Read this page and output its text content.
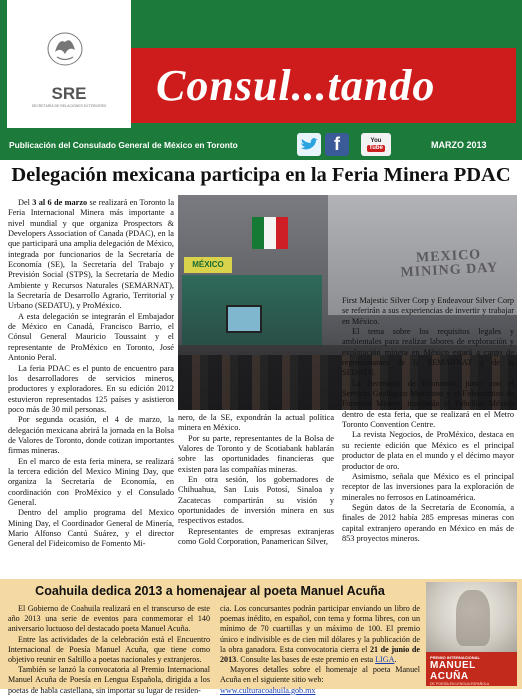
SRE
SECRETARÍA DE RELACIONES EXTERIORES Consul...tando
Publicación del Consulado General de México en Toronto	f	You
Tube	MARZO 2013
Delegación mexicana participa en la Feria Minera PDAC

Del 3 al 6 de marzo se realizará en Toronto la Feria Internacional Minera más importante a nivel mundial y que organiza Prospectors & Developers Association of Canada (PDAC), en la que participará una amplia delegación de México, integrada por funcionarios de la Secretaría de Economía (SE), la Secretaría del Trabajo y Previsión Social (STPS), la Secretaría de Medio Ambiente y Recursos Naturales (SEMARNAT), la Secretaría de Desarrollo Agrario, Territorial y Urbano (SEDATU), y ProMéxico.

A esta delegación se integrarán el Embajador de México en Canadá, Francisco Barrio, el Cónsul General Mauricio Toussaint y el representante de ProMéxico en Toronto, José Antonio Peral.

La feria PDAC es el punto de encuentro para los desarrolladores de servicios mineros, productores y exploradores. En su edición 2012 estuvieron representados 125 países y asistieron poco más de 30 mil personas.

Por segunda ocasión, el 4 de marzo, la delegación mexicana abrirá la jornada en la Bolsa de Valores de Toronto, donde cotizan importantes firmas mineras.

En el marco de esta feria minera, se realizará la tercera edición del Mexico Mining Day, que organiza la Secretaría de Economía, en coordinación con ProMéxico y el Consulado General.

Dentro del amplio programa del Mexico Mining Day, el Coordinador General de Minería, Mario Alfonso Cantú Suárez, y el director General del Fideicomiso de Fomento Mi-

MEXICO MINING DAY
MÉXICO

nero, de la SE, expondrán la actual política minera en México.

Por su parte, representantes de la Bolsa de Valores de Toronto y de Scotiabank hablarán sobre las oportunidades financieras que existen para las compañías mineras.

En otra sesión, los gobernadores de Chihuahua, San Luis Potosí, Sinaloa y Zacatecas compartirán su visión y oportunidades de inversión minera en sus respectivos estados.

Representantes de empresas extranjeras como Gold Corporation, Panamerican Silver,

First Majestic Silver Corp y Endeavour Silver Corp se referirán a sus experiencias de invertir y trabajar en México.

El tema sobre los requisitos legales y ambientales para realizar labores de exploración y explotación minera en México estará a cargo de representantes de la SEMARNAT y de la SEDATU.

La Secretaría de Economía, junto con el Servicio Geológico Mexicano y el Fideicomiso de Fomento Minero, instalarán el Pabellón México dentro de esta feria, que se realizará en el Metro Toronto Convention Centre.

La revista Negocios, de ProMéxico, destaca en su reciente edición que México es el principal productor de plata en el mundo y el décimo mayor productor de oro.

Asimismo, señala que México es el principal receptor de las inversiones para la exploración de minerales no ferrosos en Latinoamérica.

Según datos de la Secretaría de Economía, a finales de 2012 había 285 empresas mineras con capital extranjero operando en México en más de 853 proyectos mineros.

Coahuila dedica 2013 a homenajear al poeta Manuel Acuña

El Gobierno de Coahuila realizará en el transcurso de este año 2013 una serie de eventos para conmemorar el 140 aniversario luctuoso del destacado poeta Manuel Acuña.

Entre las actividades de la celebración está el Encuentro Internacional de Poesía Manuel Acuña, que tiene como objetivo reunir en Saltillo a poetas nacionales y extranjeros.

También se lanzó la convocatoria al Premio Internacional Manuel Acuña de Poesía en Lengua Española, dirigida a los poetas de habla castellana, sin importar su lugar de residen-

cia. Los concursantes podrán participar enviando un libro de poemas inédito, en español, con tema y forma libres, con un mínimo de 70 cuartillas y un máximo de 100. El premio único e indivisible es de cien mil dólares y la publicación de la obra ganadora. Esta convocatoria cierra el 21 de junio de 2013. Consulte las bases de este premio en esta LIGA.

Mayores detalles sobre el homenaje al poeta Manuel Acuña en el siguiente sitio web:

www.culturacoahuila.gob.mx

PREMIO INTERNACIONAL
MANUEL ACUÑA
DE POESÍA EN LENGUA ESPAÑOLA
